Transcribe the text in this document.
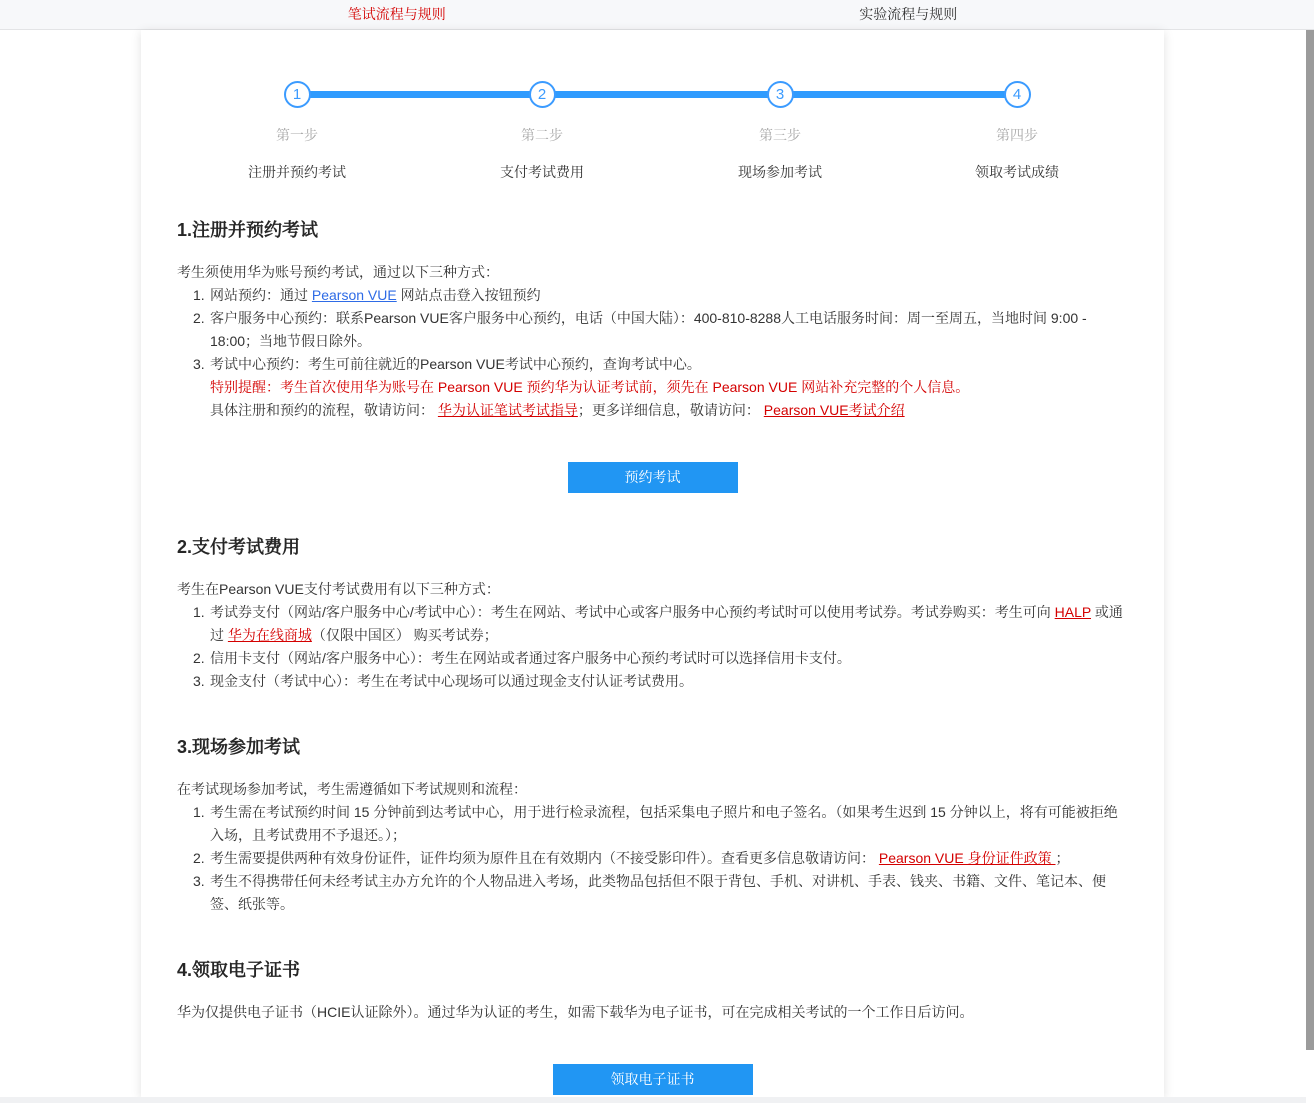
笔试流程与规则	实验流程与规则
1
第一步
注册并预约考试
2
第二步
支付考试费用
3
第三步
现场参加考试
4
第四步
领取考试成绩
1.注册并预约考试
考生须使用华为账号预约考试，通过以下三种方式：
1. 网站预约：通过 Pearson VUE 网站点击登入按钮预约
2. 客户服务中心预约：联系Pearson VUE客户服务中心预约，电话（中国大陆）：400-810-8288人工电话服务时间：周一至周五，当地时间 9:00 - 18:00；当地节假日除外。
3. 考试中心预约：考生可前往就近的Pearson VUE考试中心预约，查询考试中心。
特别提醒：考生首次使用华为账号在 Pearson VUE 预约华为认证考试前，须先在 Pearson VUE 网站补充完整的个人信息。
具体注册和预约的流程，敬请访问： 华为认证笔试考试指导；更多详细信息，敬请访问： Pearson VUE考试介绍
预约考试
2.支付考试费用
考生在Pearson VUE支付考试费用有以下三种方式：
1. 考试券支付（网站/客户服务中心/考试中心）：考生在网站、考试中心或客户服务中心预约考试时可以使用考试券。考试券购买：考生可向 HALP 或通过 华为在线商城（仅限中国区） 购买考试券；
2. 信用卡支付（网站/客户服务中心）：考生在网站或者通过客户服务中心预约考试时可以选择信用卡支付。
3. 现金支付（考试中心）：考生在考试中心现场可以通过现金支付认证考试费用。
3.现场参加考试
在考试现场参加考试，考生需遵循如下考试规则和流程：
1. 考生需在考试预约时间 15 分钟前到达考试中心，用于进行检录流程，包括采集电子照片和电子签名。（如果考生迟到 15 分钟以上，将有可能被拒绝入场，且考试费用不予退还。）；
2. 考生需要提供两种有效身份证件，证件均须为原件且在有效期内（不接受影印件）。查看更多信息敬请访问： Pearson VUE 身份证件政策 ；
3. 考生不得携带任何未经考试主办方允许的个人物品进入考场，此类物品包括但不限于背包、手机、对讲机、手表、钱夹、书籍、文件、笔记本、便签、纸张等。
4.领取电子证书
华为仅提供电子证书（HCIE认证除外）。通过华为认证的考生，如需下载华为电子证书，可在完成相关考试的一个工作日后访问。
领取电子证书
